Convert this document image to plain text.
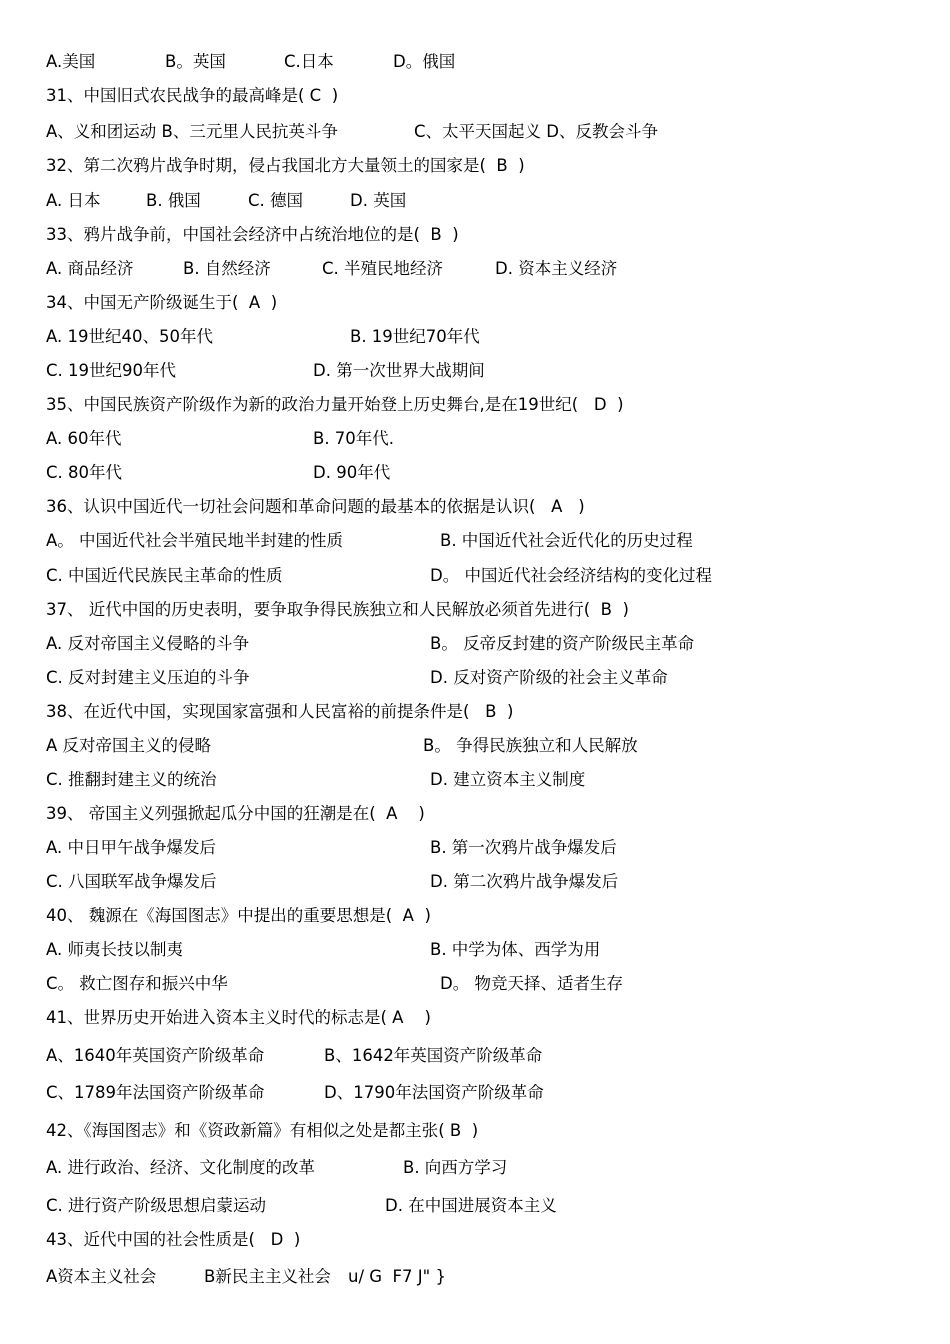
A.美国	B。英国	C.日本	D。俄国
31、中国旧式农民战争的最高峰是( C  )
A、义和团运动 B、三元里人民抗英斗争	C、太平天国起义 D、反教会斗争
32、第二次鸦片战争时期，侵占我国北方大量领土的国家是(  B  )
A. 日本	B. 俄国	C. 德国	D. 英国
33、鸦片战争前，中国社会经济中占统治地位的是(  B  )
A. 商品经济	B. 自然经济	C. 半殖民地经济	D. 资本主义经济
34、中国无产阶级诞生于(  A  )
A. 19世纪40、50年代	B. 19世纪70年代
C. 19世纪90年代	D. 第一次世界大战期间
35、中国民族资产阶级作为新的政治力量开始登上历史舞台,是在19世纪(   D  )
A. 60年代	B. 70年代.
C. 80年代	D. 90年代
36、认识中国近代一切社会问题和革命问题的最基本的依据是认识(   A   )
A。 中国近代社会半殖民地半封建的性质	B. 中国近代社会近代化的历史过程
C. 中国近代民族民主革命的性质	D。 中国近代社会经济结构的变化过程
37、 近代中国的历史表明，要争取争得民族独立和人民解放必须首先进行(  B  )
A. 反对帝国主义侵略的斗争	B。 反帝反封建的资产阶级民主革命
C. 反对封建主义压迫的斗争	D. 反对资产阶级的社会主义革命
38、在近代中国，实现国家富强和人民富裕的前提条件是(   B  )
A 反对帝国主义的侵略	B。 争得民族独立和人民解放
C. 推翻封建主义的统治	D. 建立资本主义制度
39、 帝国主义列强掀起瓜分中国的狂潮是在(  A    )
A. 中日甲午战争爆发后	B. 第一次鸦片战争爆发后
C. 八国联军战争爆发后	D. 第二次鸦片战争爆发后
40、 魏源在《海国图志》中提出的重要思想是(  A  )
A. 师夷长技以制夷	B. 中学为体、西学为用
C。 救亡图存和振兴中华	D。 物竞天择、适者生存
41、世界历史开始进入资本主义时代的标志是( A    )
A、1640年英国资产阶级革命	B、1642年英国资产阶级革命
C、1789年法国资产阶级革命	D、1790年法国资产阶级革命
42、《海国图志》和《资政新篇》有相似之处是都主张( B  )
A. 进行政治、经济、文化制度的改革	B. 向西方学习
C. 进行资产阶级思想启蒙运动	D. 在中国进展资本主义
43、近代中国的社会性质是(   D  )
A资本主义社会	B新民主主义社会 u/ G  F7 J" }
